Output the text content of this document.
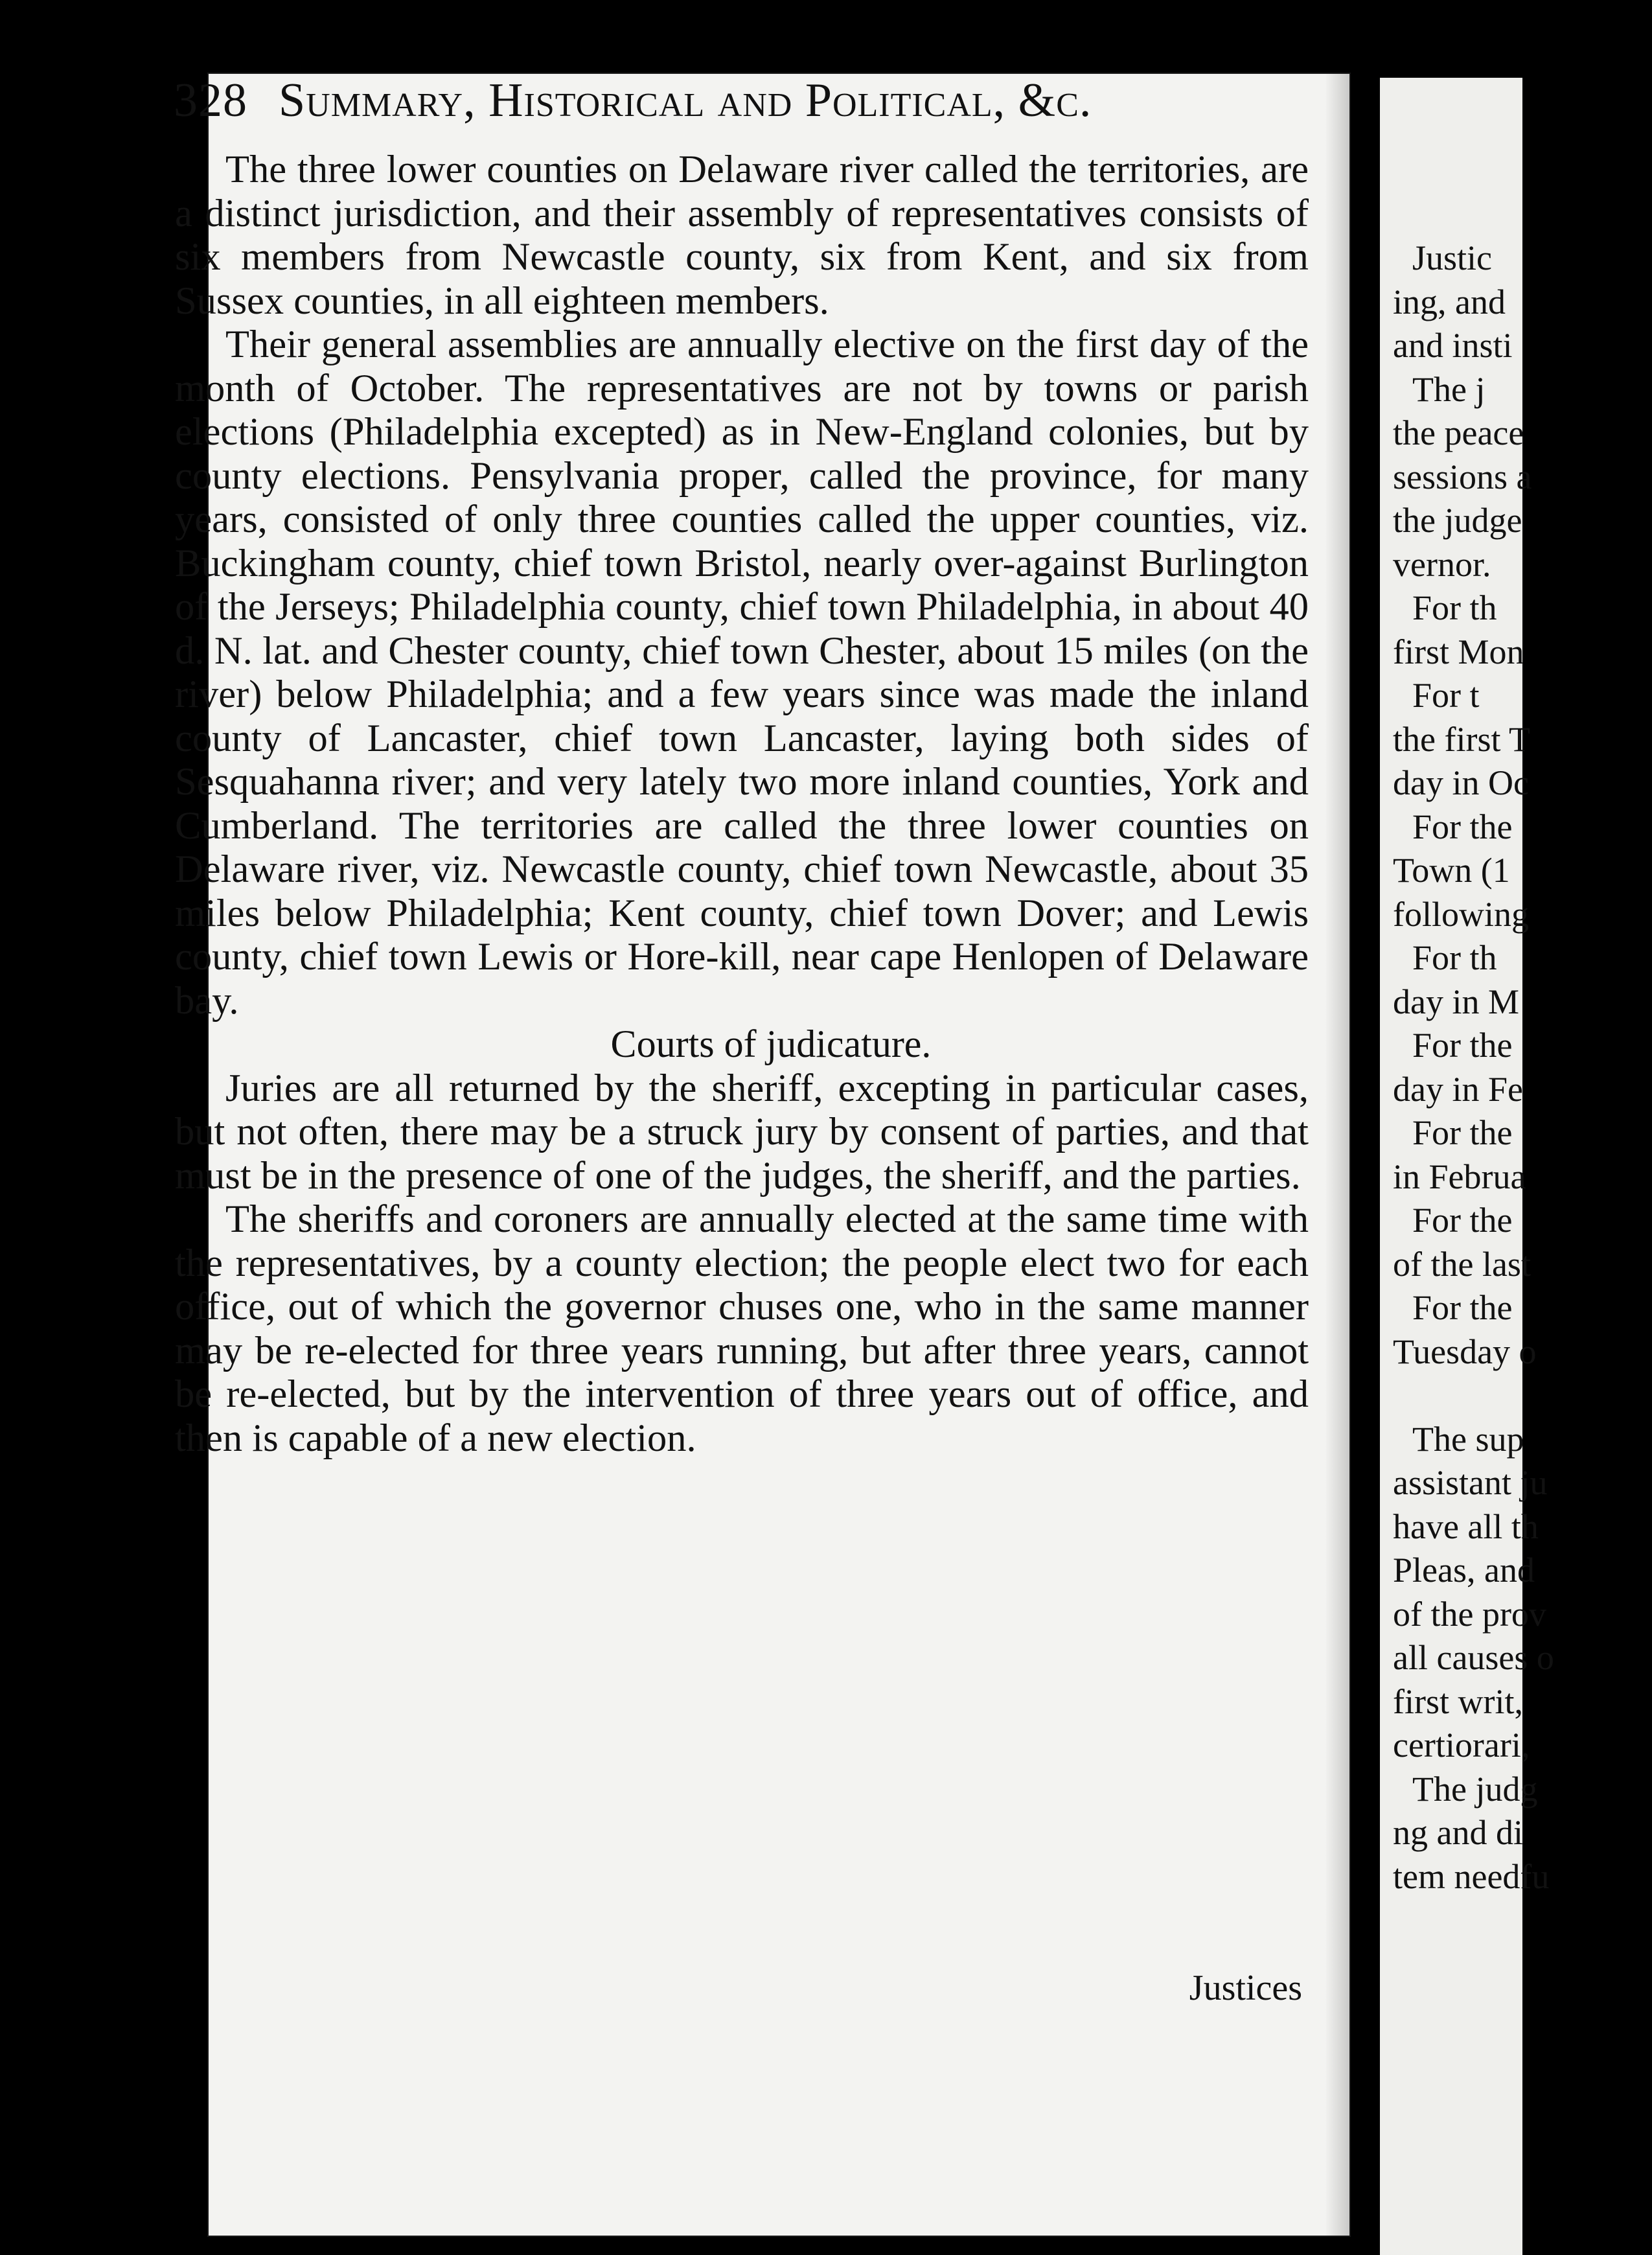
328 Summary, Historical and Political, &c.

The three lower counties on Delaware river called the territories, are a distinct jurisdiction, and their assembly of representatives consists of six members from Newcastle county, six from Kent, and six from Sussex counties, in all eighteen members.

Their general assemblies are annually elective on the first day of the month of October. The representatives are not by towns or parish elections (Philadelphia excepted) as in New-England colonies, but by county elections. Pensylvania proper, called the province, for many years, consisted of only three counties called the upper counties, viz. Buckingham county, chief town Bristol, nearly over-against Burlington of the Jerseys; Philadelphia county, chief town Philadelphia, in about 40 d. N. lat. and Chester county, chief town Chester, about 15 miles (on the river) below Philadelphia; and a few years since was made the inland county of Lancaster, chief town Lancaster, laying both sides of Sesquahanna river; and very lately two more inland counties, York and Cumberland. The territories are called the three lower counties on Delaware river, viz. Newcastle county, chief town Newcastle, about 35 miles below Philadelphia; Kent county, chief town Dover; and Lewis county, chief town Lewis or Hore-kill, near cape Henlopen of Delaware bay.

Courts of judicature.

Juries are all returned by the sheriff, excepting in particular cases, but not often, there may be a struck jury by consent of parties, and that must be in the presence of one of the judges, the sheriff, and the parties.

The sheriffs and coroners are annually elected at the same time with the representatives, by a county election; the people elect two for each office, out of which the governor chuses one, who in the same manner may be re-elected for three years running, but after three years, cannot be re-elected, but by the intervention of three years out of office, and then is capable of a new election.

Justices
Justic
ing, and
and insti
The j
the peace
sessions a
the judge
vernor.
For th
first Mon
For t
the first T
day in Oc
For the
Town (1
following
For th
day in M
For the
day in Fe
For the
in Februa
For the
of the last
For the
Tuesday o
The sup
assistant ju
have all th
Pleas, and
of the prov
all causes o
first writ,
certiorari,
The judg
ng and di
tem needfu
